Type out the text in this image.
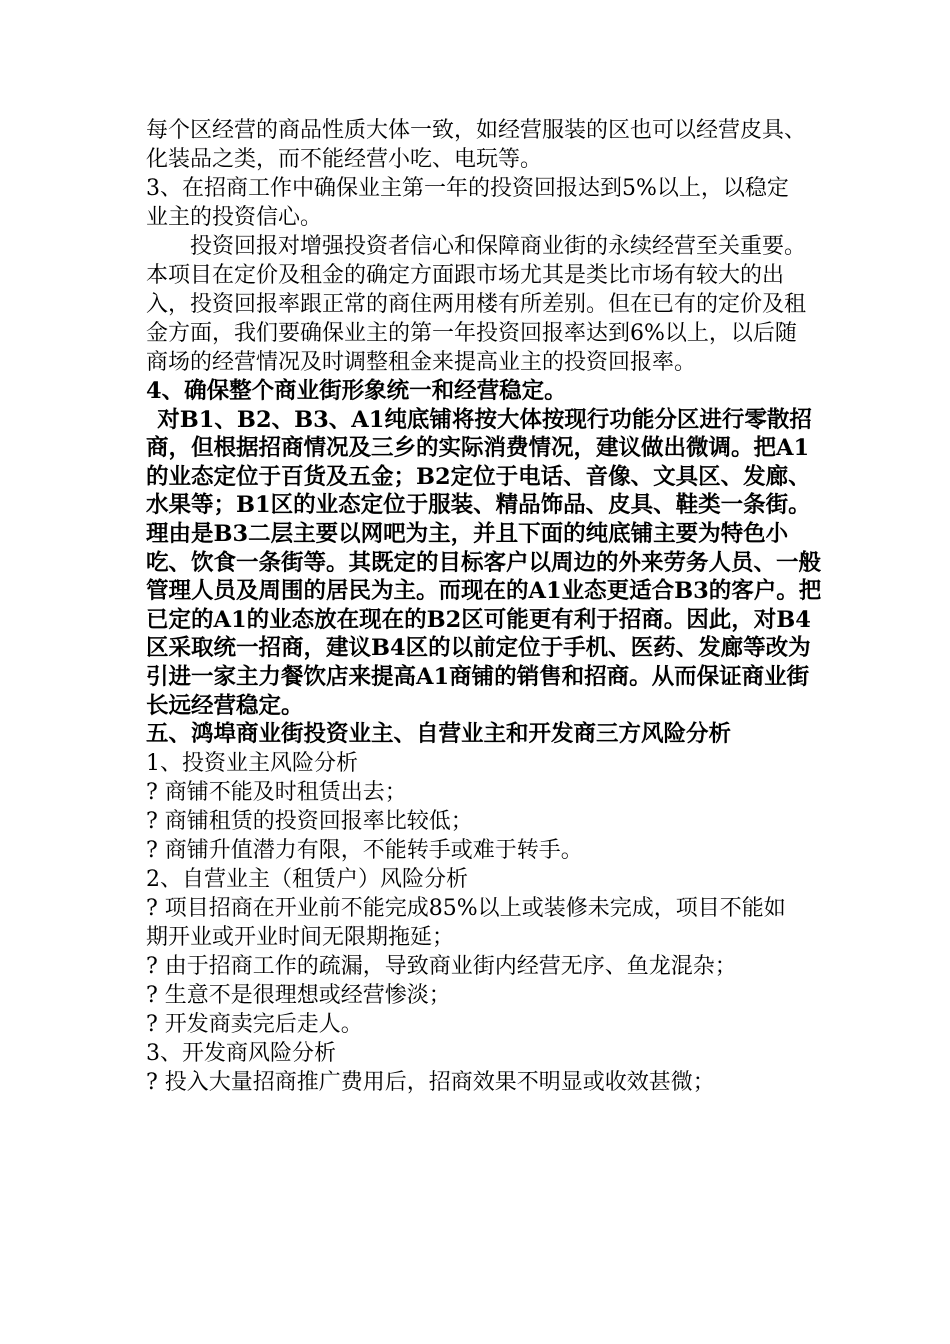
每个区经营的商品性质大体一致，如经营服装的区也可以经营皮具、化装品之类，而不能经营小吃、电玩等。

3、在招商工作中确保业主第一年的投资回报达到5%以上，以稳定业主的投资信心。

投资回报对增强投资者信心和保障商业街的永续经营至关重要。本项目在定价及租金的确定方面跟市场尤其是类比市场有较大的出入，投资回报率跟正常的商住两用楼有所差别。但在已有的定价及租金方面，我们要确保业主的第一年投资回报率达到6%以上，以后随商场的经营情况及时调整租金来提高业主的投资回报率。

4、确保整个商业街形象统一和经营稳定。

对B1、B2、B3、A1纯底铺将按大体按现行功能分区进行零散招商，但根据招商情况及三乡的实际消费情况，建议做出微调。把A1的业态定位于百货及五金；B2定位于电话、音像、文具区、发廊、水果等；B1区的业态定位于服装、精品饰品、皮具、鞋类一条街。理由是B3二层主要以网吧为主，并且下面的纯底铺主要为特色小吃、饮食一条街等。其既定的目标客户以周边的外来劳务人员、一般管理人员及周围的居民为主。而现在的A1业态更适合B3的客户。把已定的A1的业态放在现在的B2区可能更有利于招商。因此，对B4区采取统一招商，建议B4区的以前定位于手机、医药、发廊等改为引进一家主力餐饮店来提高A1商铺的销售和招商。从而保证商业街长远经营稳定。

五、鸿埠商业街投资业主、自营业主和开发商三方风险分析

1、投资业主风险分析

? 商铺不能及时租赁出去；

? 商铺租赁的投资回报率比较低；

? 商铺升值潜力有限，不能转手或难于转手。

2、自营业主（租赁户）风险分析

? 项目招商在开业前不能完成85%以上或装修未完成，项目不能如期开业或开业时间无限期拖延；

? 由于招商工作的疏漏，导致商业街内经营无序、鱼龙混杂；

? 生意不是很理想或经营惨淡；

? 开发商卖完后走人。

3、开发商风险分析

? 投入大量招商推广费用后，招商效果不明显或收效甚微；
